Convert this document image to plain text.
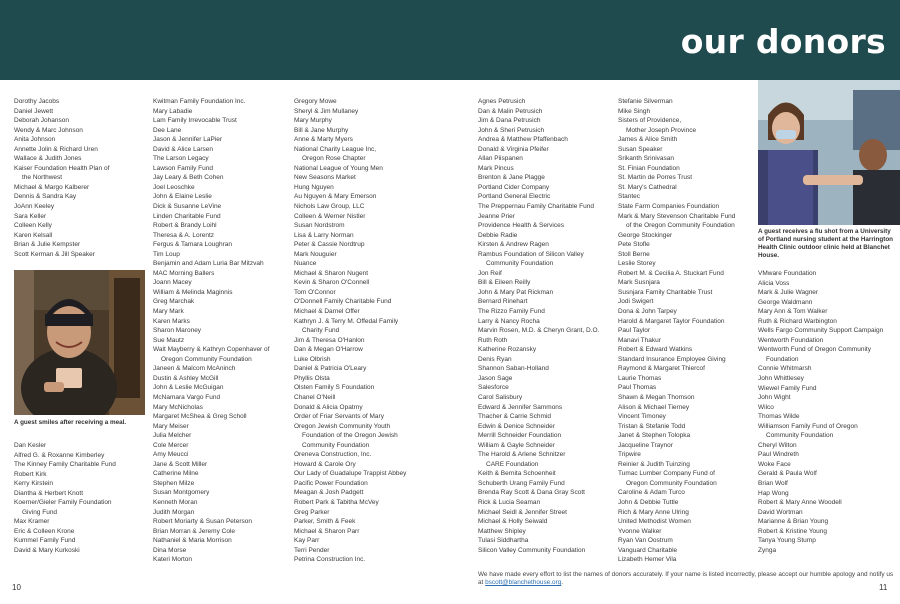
our donors
Dorothy Jacobs
Daniel Jewett
Deborah Johanson
Wendy & Marc Johnson
Anita Johnson
Annette Jolin & Richard Uren
Wallace & Judith Jones
Kaiser Foundation Health Plan of
the Northwest
Michael & Margo Kalberer
Dennis & Sandra Kay
JoAnn Keeley
Sara Keller
Colleen Kelly
Karen Kelsall
Brian & Julie Kempster
Scott Kerman & Jill Speaker
A guest smiles after receiving a meal.
Dan Kesler
Alfred G. & Roxanne Kimberley
The Kinney Family Charitable Fund
Robert Kirk
Kerry Kirstein
Diantha & Herbert Knott
Koerner/Gieler Family Foundation
Giving Fund
Max Kramer
Eric & Colleen Krone
Kummel Family Fund
David & Mary Kurkoski
Kwitman Family Foundation Inc.
Mary Labadie
Lam Family Irrevocable Trust
Dee Lane
Jason & Jennifer LaPier
David & Alice Larsen
The Larson Legacy
Lawson Family Fund
Jay Leary & Beth Cohen
Joel Leoschke
John & Elaine Leslie
Dick & Susanne LeVine
Linden Charitable Fund
Robert & Brandy Loihl
Theresa & A. Lorentz
Fergus & Tamara Loughran
Tim Loup
Benjamin and Adam Luria Bar Mitzvah
MAC Morning Ballers
Joann Macey
William & Melinda Maginnis
Greg Marchak
Mary Mark
Karen Marks
Sharon Maroney
Sue Mautz
Walt Mayberry & Kathryn Copenhaver of
Oregon Community Foundation
Janeen & Malcom McAninch
Dustin & Ashley McGill
John & Leslie McGuigan
McNamara Vargo Fund
Mary McNicholas
Margaret McShea & Greg Scholl
Mary Meiser
Julia Melcher
Cole Mercer
Amy Meucci
Jane & Scott Miller
Catherine Milne
Stephen Milze
Susan Montgomery
Kenneth Moran
Judith Morgan
Robert Moriarty & Susan Peterson
Brian Morran & Jeremy Cole
Nathaniel & Maria Morrison
Dina Morse
Kateri Morton
Gregory Mowe
Sheryl & Jim Mullaney
Mary Murphy
Bill & Jane Murphy
Anne & Marty Myers
National Charity League Inc,
Oregon Rose Chapter
National League of Young Men
New Seasons Market
Hung Nguyen
Au Nguyen & Mary Emerson
Nichols Law Group, LLC
Colleen & Werner Nistler
Susan Nordstrom
Lisa & Larry Norman
Peter & Cassie Nordtrup
Mark Nouguier
Nuance
Michael & Sharon Nugent
Kevin & Sharon O'Connell
Tom O'Connor
O'Donnell Family Charitable Fund
Michael & Darnel Offer
Kathryn J. & Terry M. Offedal Family
Charity Fund
Jim & Theresa O'Hanlon
Dan & Megan O'Harrow
Luke Olbrish
Daniel & Patricia O'Leary
Phyllis Olsta
Olsten Family S Foundation
Chanel O'Neill
Donald & Alicia Opatrny
Order of Friar Servants of Mary
Oregon Jewish Community Youth
Foundation of the Oregon Jewish
Community Foundation
Oreneva Construction, Inc.
Howard & Carole Ory
Our Lady of Guadalupe Trappist Abbey
Pacific Power Foundation
Meagan & Josh Padgett
Robert Park & Tabitha McVey
Greg Parker
Parker, Smith & Feek
Michael & Sharon Parr
Kay Parr
Terri Pender
Petrina Construction Inc.
Agnes Petrusich
Dan & Malin Petrusich
Jim & Dana Petrusich
John & Sheri Petrusich
Andrea & Matthew Pfaffenbach
Donald & Virginia Pfeifer
Allan Piispanen
Mark Pincus
Brenton & Jane Plagge
Portland Cider Company
Portland General Electric
The Preppernau Family Charitable Fund
Jeanne Prier
Providence Health & Services
Debbie Radie
Kirsten & Andrew Ragen
Rambus Foundation of Silicon Valley
Community Foundation
Jon Reif
Bill & Eileen Reilly
John & Mary Pat Rickman
Bernard Rinehart
The Rizzo Family Fund
Larry & Nancy Rocha
Marvin Rosen, M.D. & Cheryn Grant, D.O.
Ruth Roth
Katherine Rozansky
Denis Ryan
Shannon Saban-Holland
Jason Sage
Salesforce
Carol Salisbury
Edward & Jennifer Sammons
Thacher & Carrie Schmid
Edwin & Denice Schneider
Merrill Schneider Foundation
William & Gayle Schneider
The Harold & Arlene Schnitzer
CARE Foundation
Keith & Bernita Schoenheit
Schuberth Urang Family Fund
Brenda Ray Scott & Dana Gray Scott
Rick & Lucia Seaman
Michael Seidl & Jennifer Street
Michael & Holly Seiwald
Matthew Shipley
Tulasi Siddhartha
Silicon Valley Community Foundation
Stefanie Silverman
Mike Singh
Sisters of Providence,
Mother Joseph Province
James & Alice Smith
Susan Speaker
Srikanth Srinivasan
St. Finian Foundation
St. Martin de Porres Trust
St. Mary's Cathedral
Stantec
State Farm Companies Foundation
Mark & Mary Stevenson Charitable Fund
of the Oregon Community Foundation
George Stockinger
Pete Stofle
Stoll Berne
Leslie Storey
Robert M. & Cecilia A. Stuckart Fund
Mark Susnjara
Susnjara Family Charitable Trust
Jodi Swigert
Dona & John Tarpey
Harold & Margaret Taylor Foundation
Paul Taylor
Manavi Thakur
Robert & Edward Watkins
Standard Insurance Employee Giving
Raymond & Margaret Thiercof
Laurie Thomas
Paul Thomas
Shawn & Megan Thomson
Alison & Michael Tierney
Vincent Timoney
Tristan & Stefanie Todd
Janet & Stephen Tolopka
Jacqueline Traynor
Tripwire
Reinier & Judith Tuinzing
Tumac Lumber Company Fund of
Oregon Community Foundation
Caroline & Adam Turco
John & Debbie Tuttle
Rich & Mary Anne Ulring
United Methodist Women
Yvonne Walker
Ryan Van Oostrum
Vanguard Charitable
Lizabeth Hemer Vila
A guest receives a flu shot from a University of Portland nursing student at the Harrington Health Clinic outdoor clinic held at Blanchet House.
VMware Foundation
Alicia Voss
Mark & Julie Wagner
George Waldmann
Mary Ann & Tom Walker
Ruth & Richard Warbington
Wells Fargo Community Support Campaign
Wentworth Foundation
Wentworth Fund of Oregon Community
Foundation
Connie Whitmarsh
John Whittlesey
Wiewel Family Fund
John Wight
Wilco
Thomas Wilde
Williamson Family Fund of Oregon
Community Foundation
Cheryl Wilton
Paul Windreth
Woke Face
Gerald & Paula Wolf
Brian Wolf
Hap Wong
Robert & Mary Anne Woodell
David Wortman
Marianne & Brian Young
Robert & Kristine Young
Tanya Young Stump
Zynga
We have made every effort to list the names of donors accurately. If your name is listed incorrectly, please accept our humble apology and notify us at bscott@blanchethouse.org.
10	11
